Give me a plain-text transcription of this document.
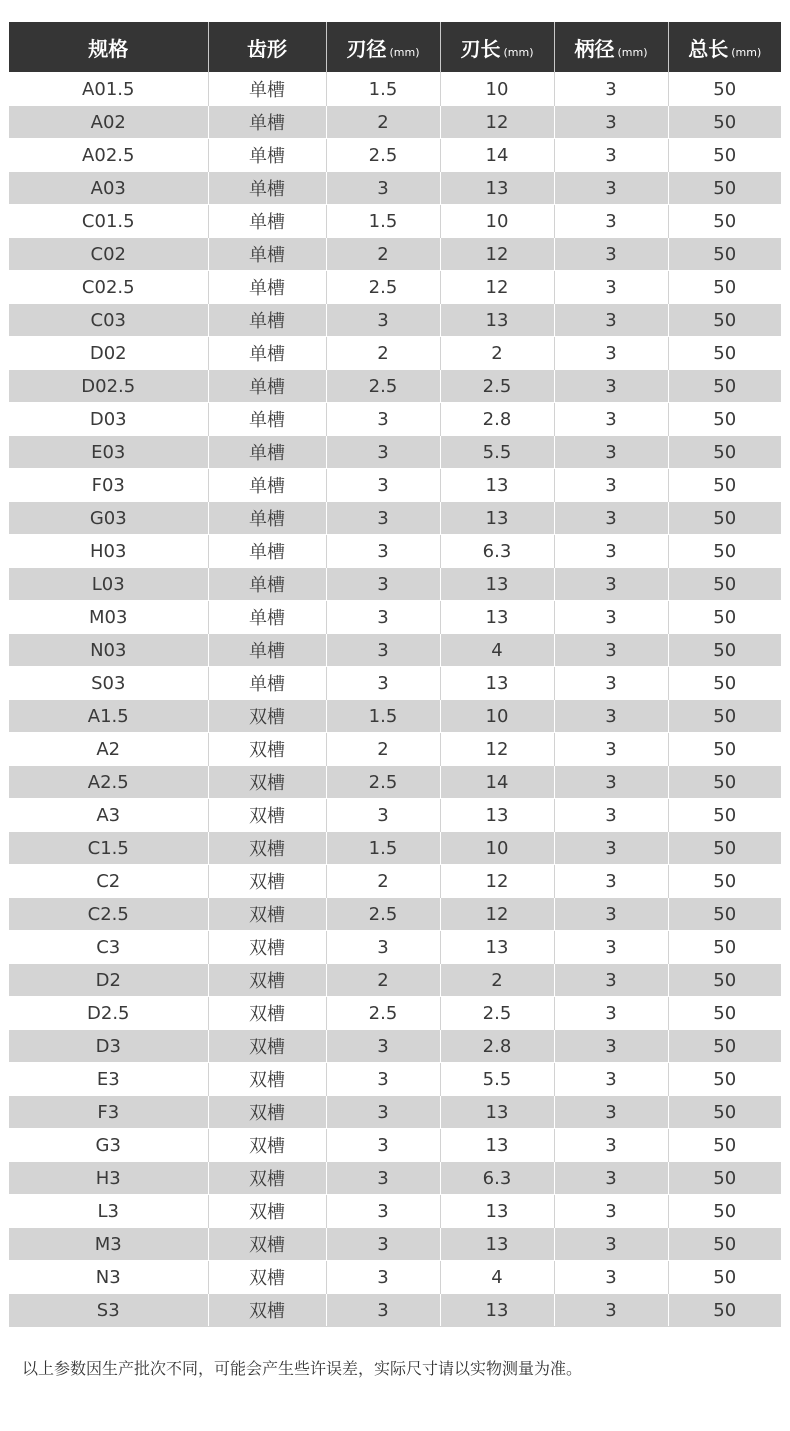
规格	齿形	刃径 (mm)	刃长 (mm)	柄径 (mm)	总长 (mm)
A01.5	单槽	1.5	10	3	50
A02	单槽	2	12	3	50
A02.5	单槽	2.5	14	3	50
A03	单槽	3	13	3	50
C01.5	单槽	1.5	10	3	50
C02	单槽	2	12	3	50
C02.5	单槽	2.5	12	3	50
C03	单槽	3	13	3	50
D02	单槽	2	2	3	50
D02.5	单槽	2.5	2.5	3	50
D03	单槽	3	2.8	3	50
E03	单槽	3	5.5	3	50
F03	单槽	3	13	3	50
G03	单槽	3	13	3	50
H03	单槽	3	6.3	3	50
L03	单槽	3	13	3	50
M03	单槽	3	13	3	50
N03	单槽	3	4	3	50
S03	单槽	3	13	3	50
A1.5	双槽	1.5	10	3	50
A2	双槽	2	12	3	50
A2.5	双槽	2.5	14	3	50
A3	双槽	3	13	3	50
C1.5	双槽	1.5	10	3	50
C2	双槽	2	12	3	50
C2.5	双槽	2.5	12	3	50
C3	双槽	3	13	3	50
D2	双槽	2	2	3	50
D2.5	双槽	2.5	2.5	3	50
D3	双槽	3	2.8	3	50
E3	双槽	3	5.5	3	50
F3	双槽	3	13	3	50
G3	双槽	3	13	3	50
H3	双槽	3	6.3	3	50
L3	双槽	3	13	3	50
M3	双槽	3	13	3	50
N3	双槽	3	4	3	50
S3	双槽	3	13	3	50
以上参数因生产批次不同，可能会产生些许误差，实际尺寸请以实物测量为准。
